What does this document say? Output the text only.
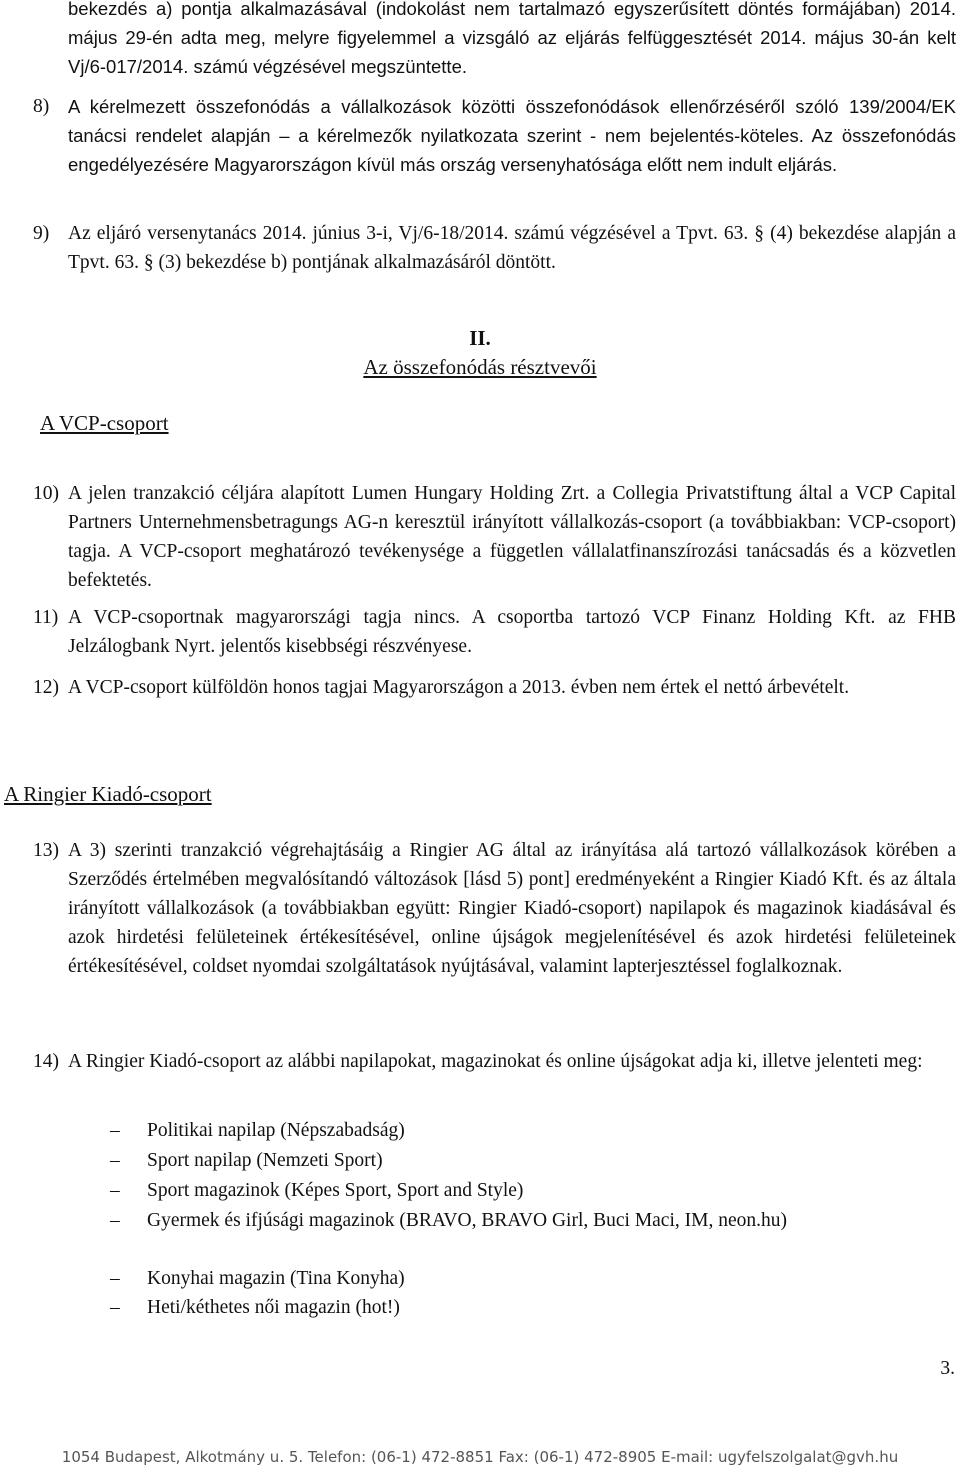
bekezdés a) pontja alkalmazásával (indokolást nem tartalmazó egyszerűsített döntés formájában) 2014. május 29-én adta meg, melyre figyelemmel a vizsgáló az eljárás felfüggesztését 2014. május 30-án kelt Vj/6-017/2014. számú végzésével megszüntette.
8) A kérelmezett összefonódás a vállalkozások közötti összefonódások ellenőrzéséről szóló 139/2004/EK tanácsi rendelet alapján – a kérelmezők nyilatkozata szerint - nem bejelentés-köteles. Az összefonódás engedélyezésére Magyarországon kívül más ország versenyhatósága előtt nem indult eljárás.
9) Az eljáró versenytanács 2014. június 3-i, Vj/6-18/2014. számú végzésével a Tpvt. 63. § (4) bekezdése alapján a Tpvt. 63. § (3) bekezdése b) pontjának alkalmazásáról döntött.
II.
Az összefonódás résztvevői
A VCP-csoport
10) A jelen tranzakció céljára alapított Lumen Hungary Holding Zrt. a Collegia Privatstiftung által a VCP Capital Partners Unternehmensbetragungs AG-n keresztül irányított vállalkozás-csoport (a továbbiakban: VCP-csoport) tagja. A VCP-csoport meghatározó tevékenysége a független vállalatfinanszírozási tanácsadás és a közvetlen befektetés.
11) A VCP-csoportnak magyarországi tagja nincs. A csoportba tartozó VCP Finanz Holding Kft. az FHB Jelzálogbank Nyrt. jelentős kisebbségi részvényese.
12) A VCP-csoport külföldön honos tagjai Magyarországon a 2013. évben nem értek el nettó árbevételt.
A Ringier Kiadó-csoport
13) A 3) szerinti tranzakció végrehajtásáig a Ringier AG által az irányítása alá tartozó vállalkozások körében a Szerződés értelmében megvalósítandó változások [lásd 5) pont] eredményeként a Ringier Kiadó Kft. és az általa irányított vállalkozások (a továbbiakban együtt: Ringier Kiadó-csoport) napilapok és magazinok kiadásával és azok hirdetési felületeinek értékesítésével, online újságok megjelenítésével és azok hirdetési felületeinek értékesítésével, coldset nyomdai szolgáltatások nyújtásával, valamint lapterjesztéssel foglalkoznak.
14) A Ringier Kiadó-csoport az alábbi napilapokat, magazinokat és online újságokat adja ki, illetve jelenteti meg:
– Politikai napilap (Népszabadság)
– Sport napilap (Nemzeti Sport)
– Sport magazinok (Képes Sport, Sport and Style)
– Gyermek és ifjúsági magazinok (BRAVO, BRAVO Girl, Buci Maci, IM, neon.hu)
– Konyhai magazin (Tina Konyha)
– Heti/kéthetes női magazin (hot!)
3.
1054 Budapest, Alkotmány u. 5. Telefon: (06-1) 472-8851 Fax: (06-1) 472-8905 E-mail: ugyfelszolgalat@gvh.hu
